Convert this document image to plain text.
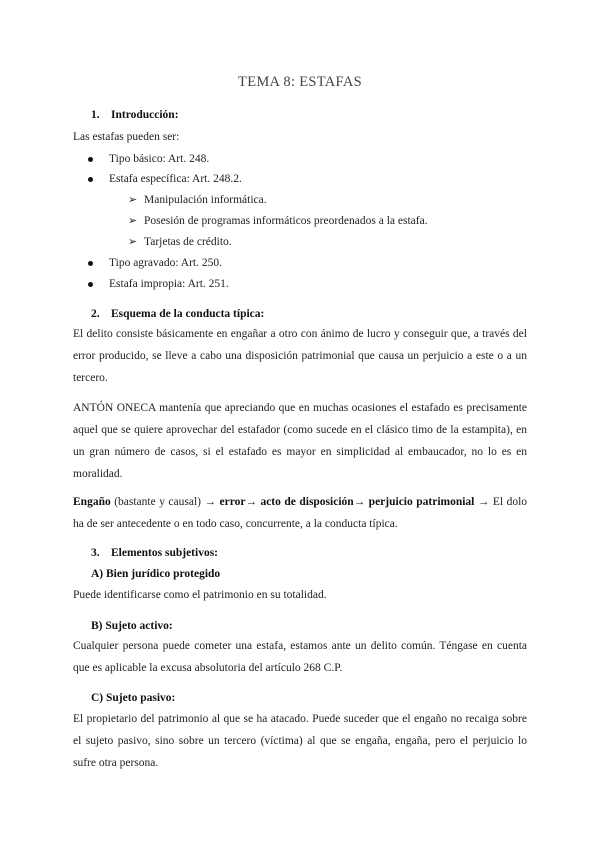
TEMA 8: ESTAFAS
1. Introducción:
Las estafas pueden ser:
Tipo básico: Art. 248.
Estafa específica: Art. 248.2.
➢ Manipulación informática.
➢ Posesión de programas informáticos preordenados a la estafa.
➢ Tarjetas de crédito.
Tipo agravado: Art. 250.
Estafa impropia: Art. 251.
2. Esquema de la conducta típica:
El delito consiste básicamente en engañar a otro con ánimo de lucro y conseguir que, a través del error producido, se lleve a cabo una disposición patrimonial que causa un perjuicio a este o a un tercero.
ANTÓN ONECA mantenía que apreciando que en muchas ocasiones el estafado es precisamente aquel que se quiere aprovechar del estafador (como sucede en el clásico timo de la estampita), en un gran número de casos, si el estafado es mayor en simplicidad al embaucador, no lo es en moralidad.
Engaño (bastante y causal) → error→ acto de disposición→ perjuicio patrimonial → El dolo ha de ser antecedente o en todo caso, concurrente, a la conducta típica.
3. Elementos subjetivos:
A) Bien jurídico protegido
Puede identificarse como el patrimonio en su totalidad.
B) Sujeto activo:
Cualquier persona puede cometer una estafa, estamos ante un delito común. Téngase en cuenta que es aplicable la excusa absolutoria del artículo 268 C.P.
C) Sujeto pasivo:
El propietario del patrimonio al que se ha atacado. Puede suceder que el engaño no recaiga sobre el sujeto pasivo, sino sobre un tercero (víctima) al que se engaña, engaña, pero el perjuicio lo sufre otra persona.
